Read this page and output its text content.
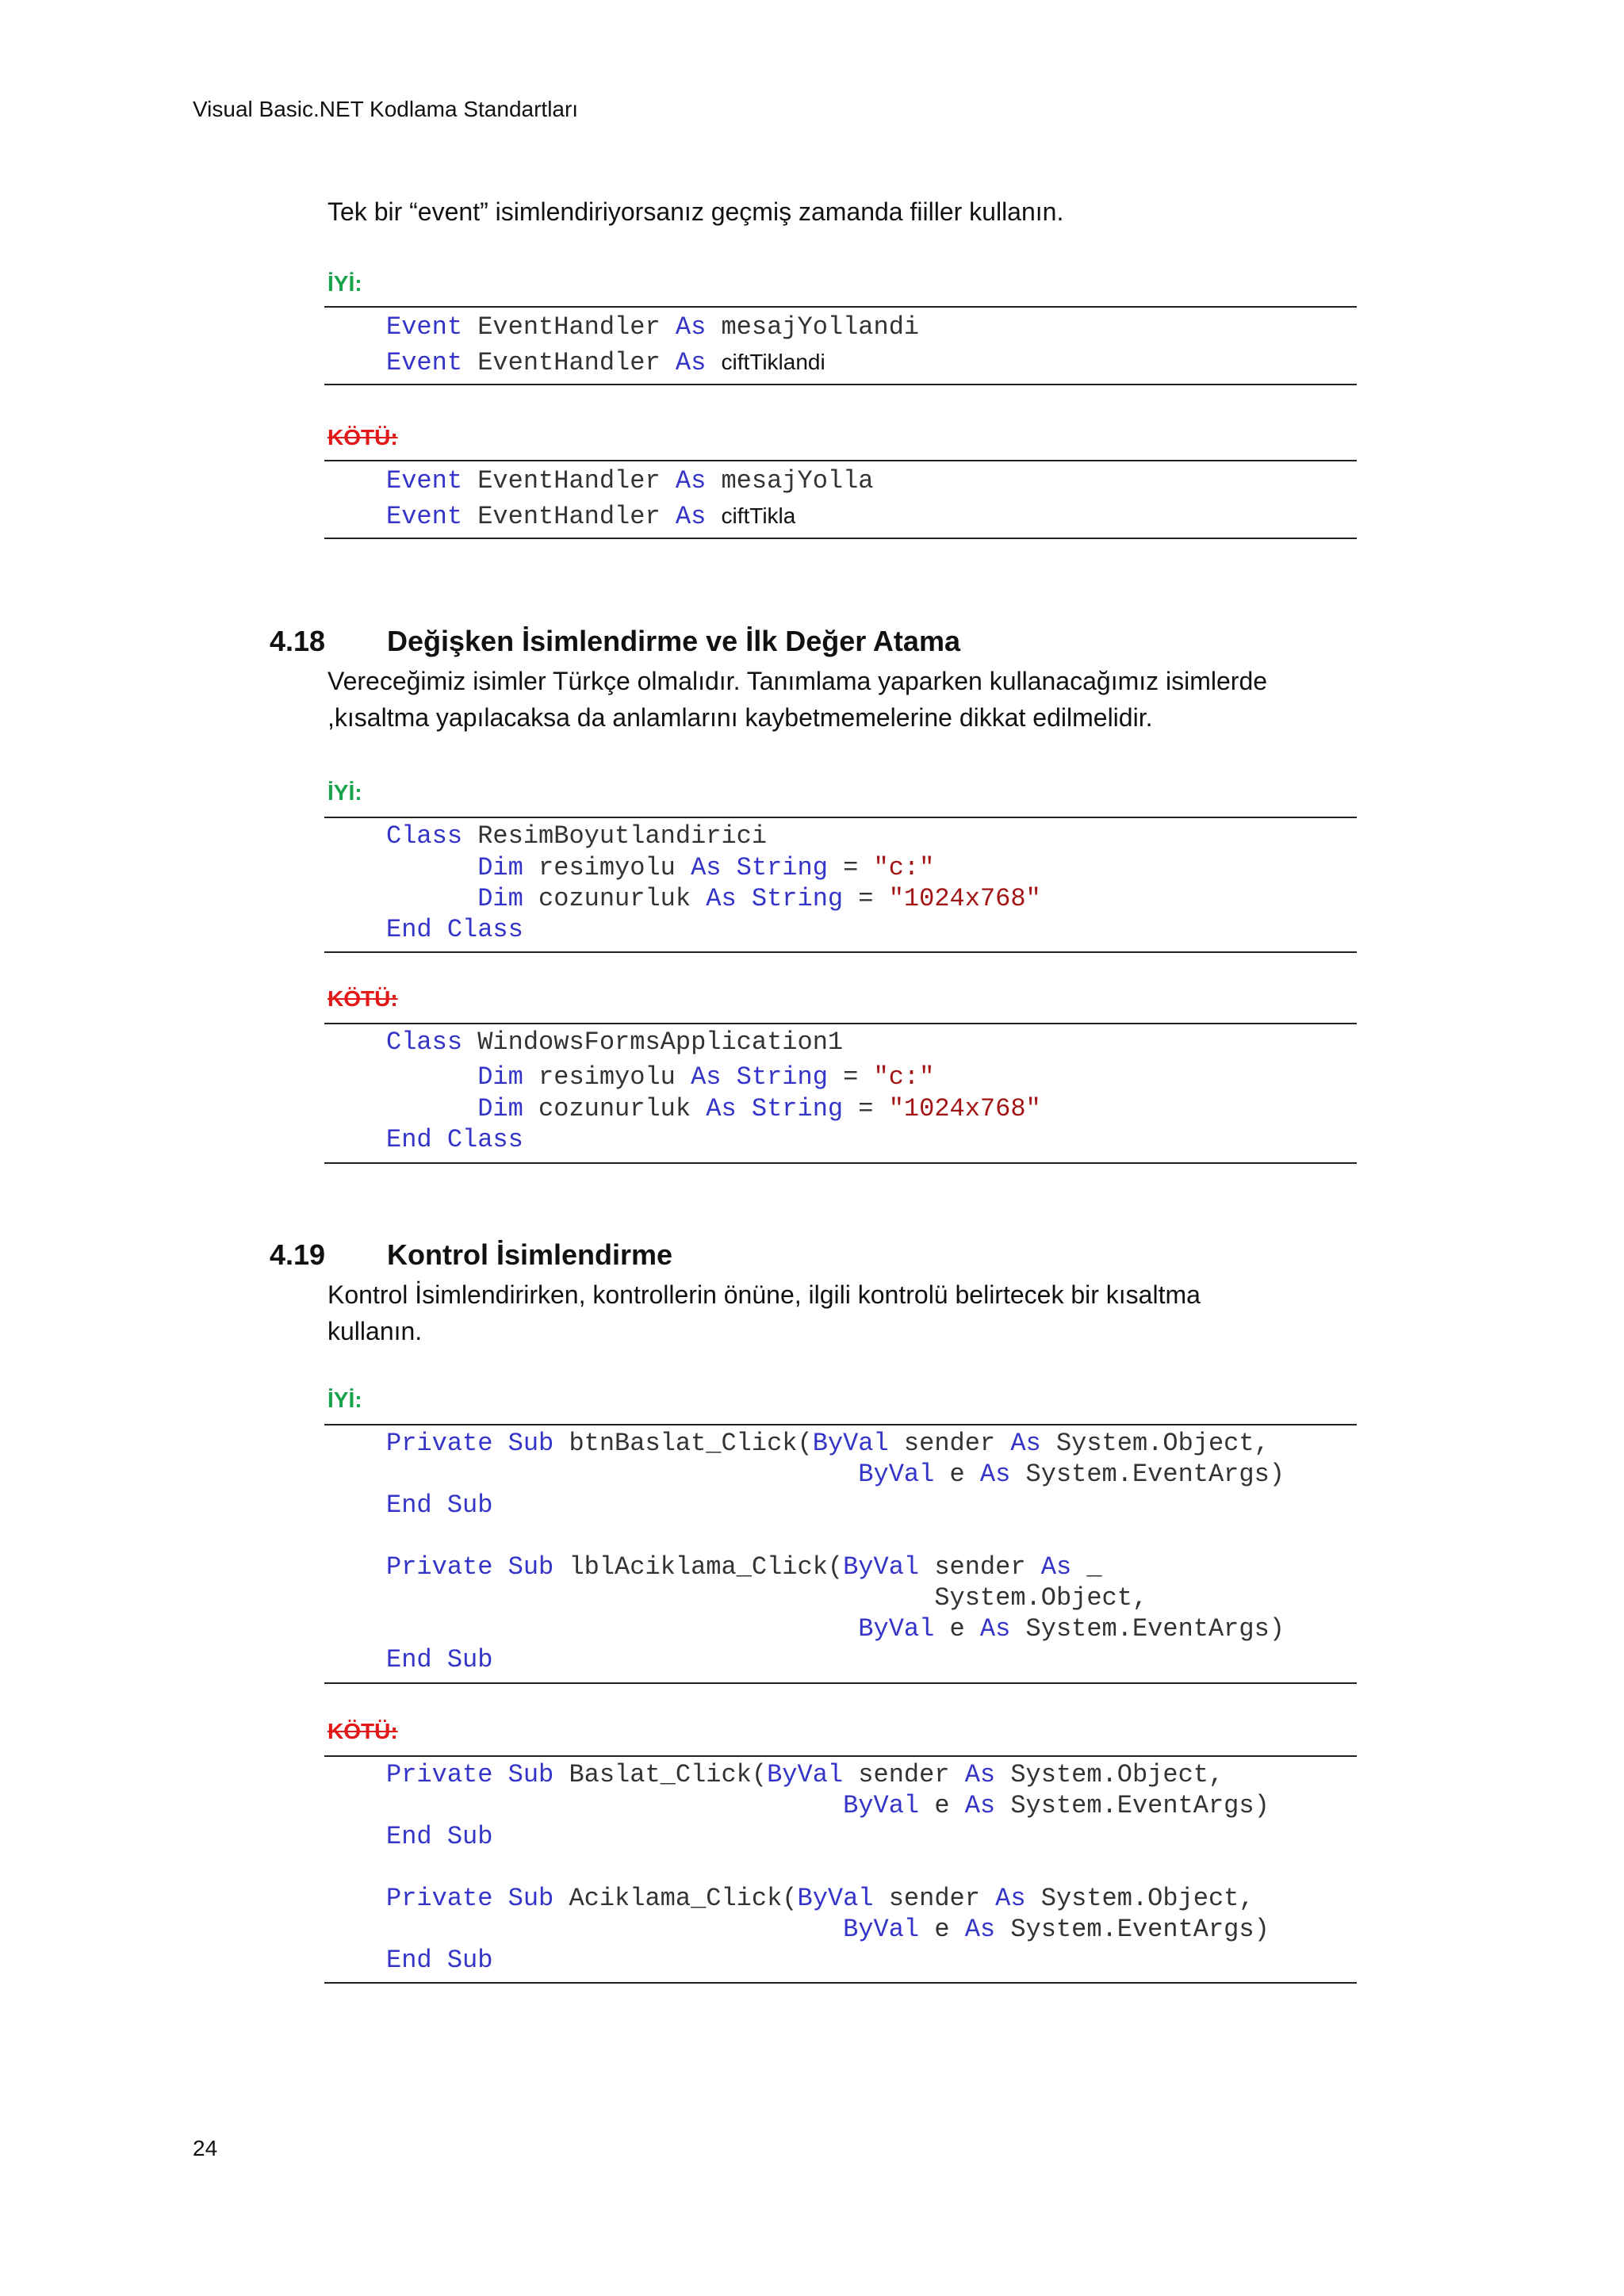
Visual Basic.NET Kodlama Standartları
Tek bir “event” isimlendiriyorsanız geçmiş zamanda fiiller kullanın.
İYİ:
Event EventHandler As mesajYollandi
Event EventHandler As ciftTiklandi
KÖTÜ:
Event EventHandler As mesajYolla
Event EventHandler As ciftTikla
4.18 Değişken İsimlendirme ve İlk Değer Atama
Vereceğimiz isimler Türkçe olmalıdır. Tanımlama yaparken kullanacağımız isimlerde
,kısaltma yapılacaksa da anlamlarını kaybetmemelerine dikkat edilmelidir.
İYİ:
Class ResimBoyutlandirici
Dim resimyolu As String = "c:"
Dim cozunurluk As String = "1024x768"
End Class
KÖTÜ:
Class WindowsFormsApplication1
Dim resimyolu As String = "c:"
Dim cozunurluk As String = "1024x768"
End Class
4.19 Kontrol İsimlendirme
Kontrol İsimlendirirken, kontrollerin önüne, ilgili kontrolü belirtecek bir kısaltma
kullanın.
İYİ:
Private Sub btnBaslat_Click(ByVal sender As System.Object,
ByVal e As System.EventArgs)
End Sub
Private Sub lblAciklama_Click(ByVal sender As _
System.Object,
ByVal e As System.EventArgs)
End Sub
KÖTÜ:
Private Sub Baslat_Click(ByVal sender As System.Object,
ByVal e As System.EventArgs)
End Sub
Private Sub Aciklama_Click(ByVal sender As System.Object,
ByVal e As System.EventArgs)
End Sub
24
